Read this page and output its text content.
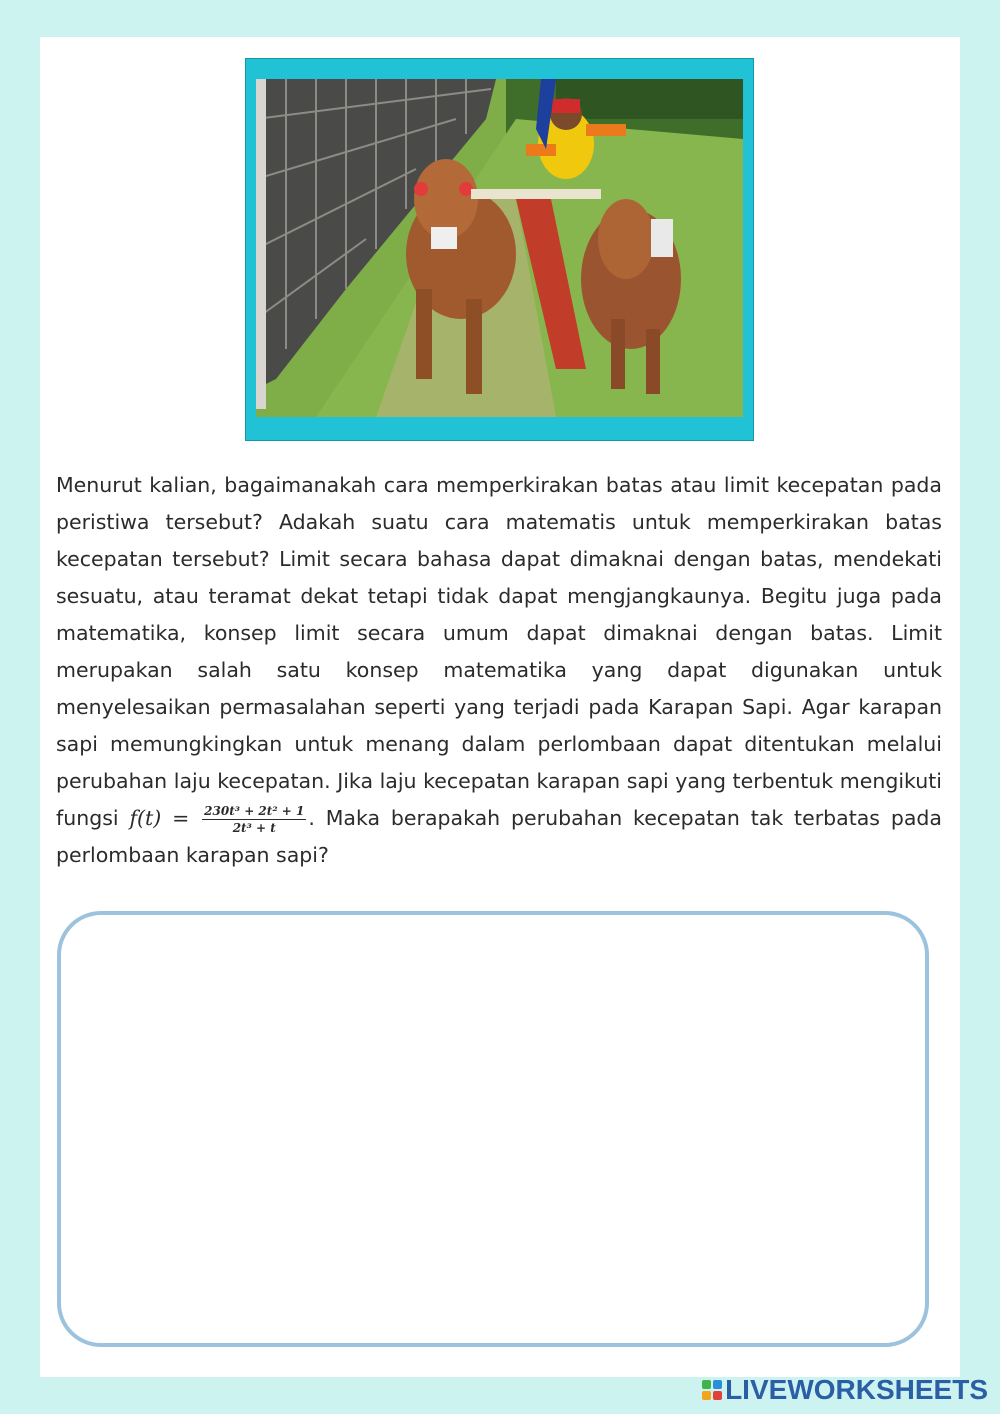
Menurut kalian, bagaimanakah cara memperkirakan batas atau limit kecepatan pada peristiwa tersebut? Adakah suatu cara matematis untuk memperkirakan batas kecepatan tersebut? Limit secara bahasa dapat dimaknai dengan batas, mendekati sesuatu, atau teramat dekat tetapi tidak dapat mengjangkaunya. Begitu juga pada matematika, konsep limit secara umum dapat dimaknai dengan batas. Limit merupakan salah satu konsep matematika yang dapat digunakan untuk menyelesaikan permasalahan seperti yang terjadi pada Karapan Sapi. Agar karapan sapi memungkingkan untuk menang dalam perlombaan dapat ditentukan melalui perubahan laju kecepatan. Jika laju kecepatan karapan sapi yang terbentuk mengikuti fungsi $f(t) = \frac{\text{230t³ + 2t² + 1}}{\text{2t³ + t}}$ . Maka berapakah perubahan kecepatan tak terbatas pada perlombaan karapan sapi?

LIVEWORKSHEETS
